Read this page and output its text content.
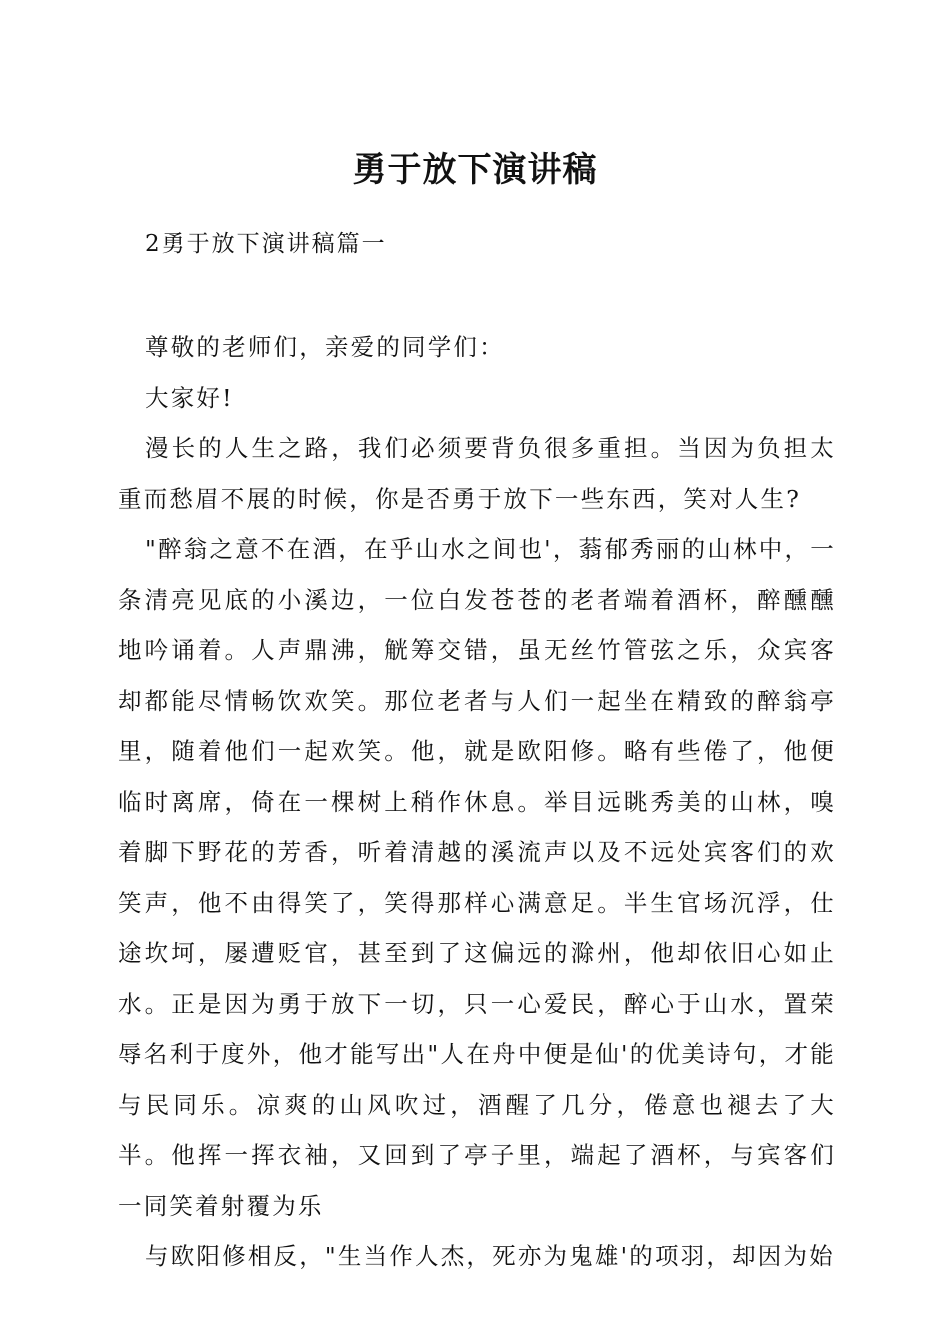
勇于放下演讲稿

2勇于放下演讲稿篇一

尊敬的老师们，亲爱的同学们：

大家好!

漫长的人生之路，我们必须要背负很多重担。当因为负担太重而愁眉不展的时候，你是否勇于放下一些东西，笑对人生?

"醉翁之意不在酒，在乎山水之间也'，蓊郁秀丽的山林中，一条清亮见底的小溪边，一位白发苍苍的老者端着酒杯，醉醺醺地吟诵着。人声鼎沸，觥筹交错，虽无丝竹管弦之乐，众宾客却都能尽情畅饮欢笑。那位老者与人们一起坐在精致的醉翁亭里，随着他们一起欢笑。他，就是欧阳修。略有些倦了，他便临时离席，倚在一棵树上稍作休息。举目远眺秀美的山林，嗅着脚下野花的芳香，听着清越的溪流声以及不远处宾客们的欢笑声，他不由得笑了，笑得那样心满意足。半生官场沉浮，仕途坎坷，屡遭贬官，甚至到了这偏远的滁州，他却依旧心如止水。正是因为勇于放下一切，只一心爱民，醉心于山水，置荣辱名利于度外，他才能写出"人在舟中便是仙'的优美诗句，才能与民同乐。凉爽的山风吹过，酒醒了几分，倦意也褪去了大半。他挥一挥衣袖，又回到了亭子里，端起了酒杯，与宾客们一同笑着射覆为乐

与欧阳修相反，"生当作人杰，死亦为鬼雄'的项羽，却因为始
